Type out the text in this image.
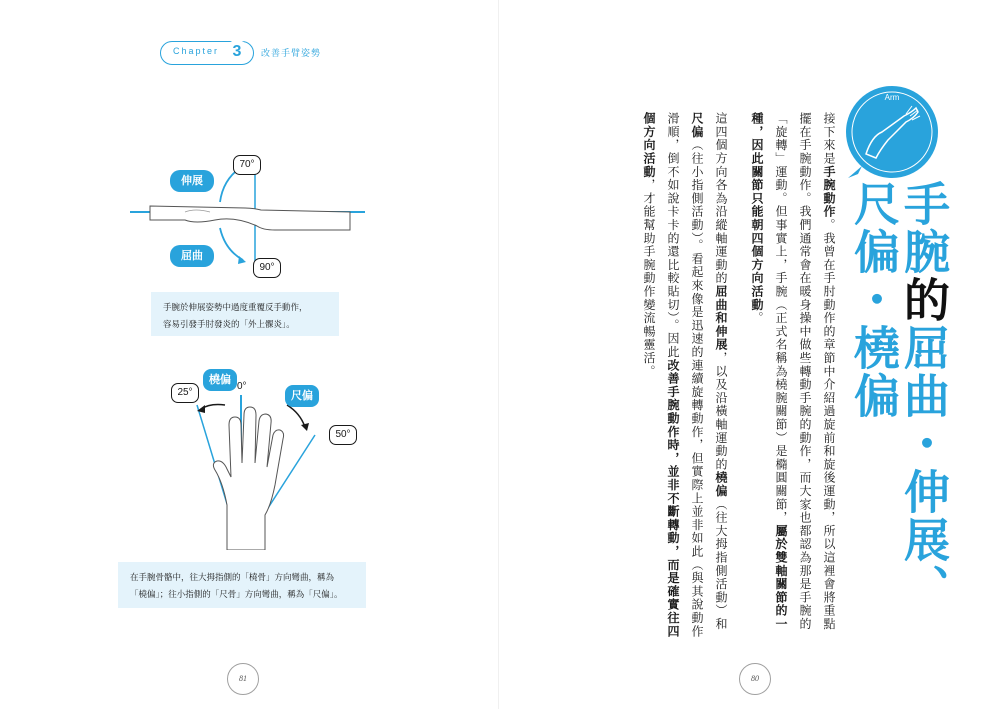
Chapter 3	改善手臂姿勢
伸展
屈曲
70°
90°
手腕於伸展姿勢中過度重覆反手動作，
容易引發手肘發炎的「外上髁炎」。
橈偏
尺偏
0°
25°
50°
在手腕骨骼中，往大拇指側的「橈骨」方向彎曲，稱為
「橈偏」；往小指側的「尺骨」方向彎曲，稱為「尺偏」。
81
Arm
手腕的屈曲・伸展、
尺偏・橈偏

接下來是手腕動作。我曾在手肘動作的章節中介紹過旋前和旋後運動，所以這裡會將重點擺在手腕動作。我們通常會在暖身操中做些轉動手腕的動作，而大家也都認為那是手腕的「旋轉」運動。但事實上，手腕（正式名稱為橈腕關節）是橢圓關節，屬於雙軸關節的一種，因此關節只能朝四個方向活動。

這四個方向各為沿縱軸運動的屈曲和伸展，以及沿橫軸運動的橈偏（往大拇指側活動）和尺偏（往小指側活動）。看起來像是迅速的連續旋轉動作，但實際上並非如此（與其說動作滑順，倒不如說卡卡的還比較貼切）。因此改善手腕動作時，並非不斷轉動，而是確實往四個方向活動，才能幫助手腕動作變流暢靈活。

80
